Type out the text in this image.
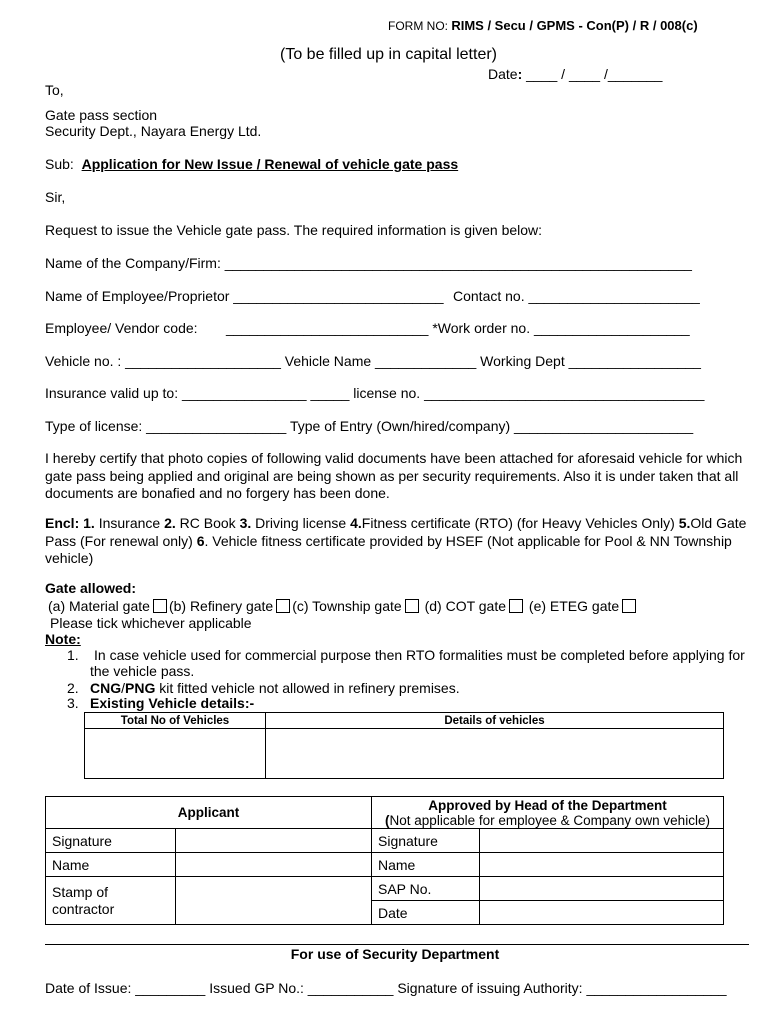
FORM NO: RIMS / Secu / GPMS - Con(P) / R / 008(c)
(To be filled up in capital letter)
Date: ____ / ____ /_______
To,
Gate pass section
Security Dept., Nayara Energy Ltd.
Sub: Application for New Issue / Renewal of vehicle gate pass
Sir,
Request to issue the Vehicle gate pass. The required information is given below:
Name of the Company/Firm: ____________________________________________________________
Name of Employee/Proprietor ___________________________ Contact no. ______________________
Employee/ Vendor code: __________________________ *Work order no. ____________________
Vehicle no. : ____________________ Vehicle Name _____________ Working Dept _________________
Insurance valid up to: ________________ _____ license no. ____________________________________
Type of license: __________________ Type of Entry (Own/hired/company) _______________________
I hereby certify that photo copies of following valid documents have been attached for aforesaid vehicle for which gate pass being applied and original are being shown as per security requirements. Also it is under taken that all documents are bonafied and no forgery has been done.
Encl: 1. Insurance 2. RC Book 3. Driving license 4.Fitness certificate (RTO) (for Heavy Vehicles Only) 5.Old Gate Pass (For renewal only) 6. Vehicle fitness certificate provided by HSEF (Not applicable for Pool & NN Township vehicle)
Gate allowed:
(a) Material gate (b) Refinery gate (c) Township gate (d) COT gate (e) ETEG gate
Please tick whichever applicable
Note:
1. In case vehicle used for commercial purpose then RTO formalities must be completed before applying for
the vehicle pass.
2. CNG/PNG kit fitted vehicle not allowed in refinery premises.
3. Existing Vehicle details:-
Total No of Vehicles	Details of vehicles

Applicant		Approved by Head of the Department
(Not applicable for employee & Company own vehicle)	
Signature		Signature	
Name		Name	
Stamp of contractor		SAP No.	
		Date	
For use of Security Department
Date of Issue: _________ Issued GP No.: ___________ Signature of issuing Authority: __________________
